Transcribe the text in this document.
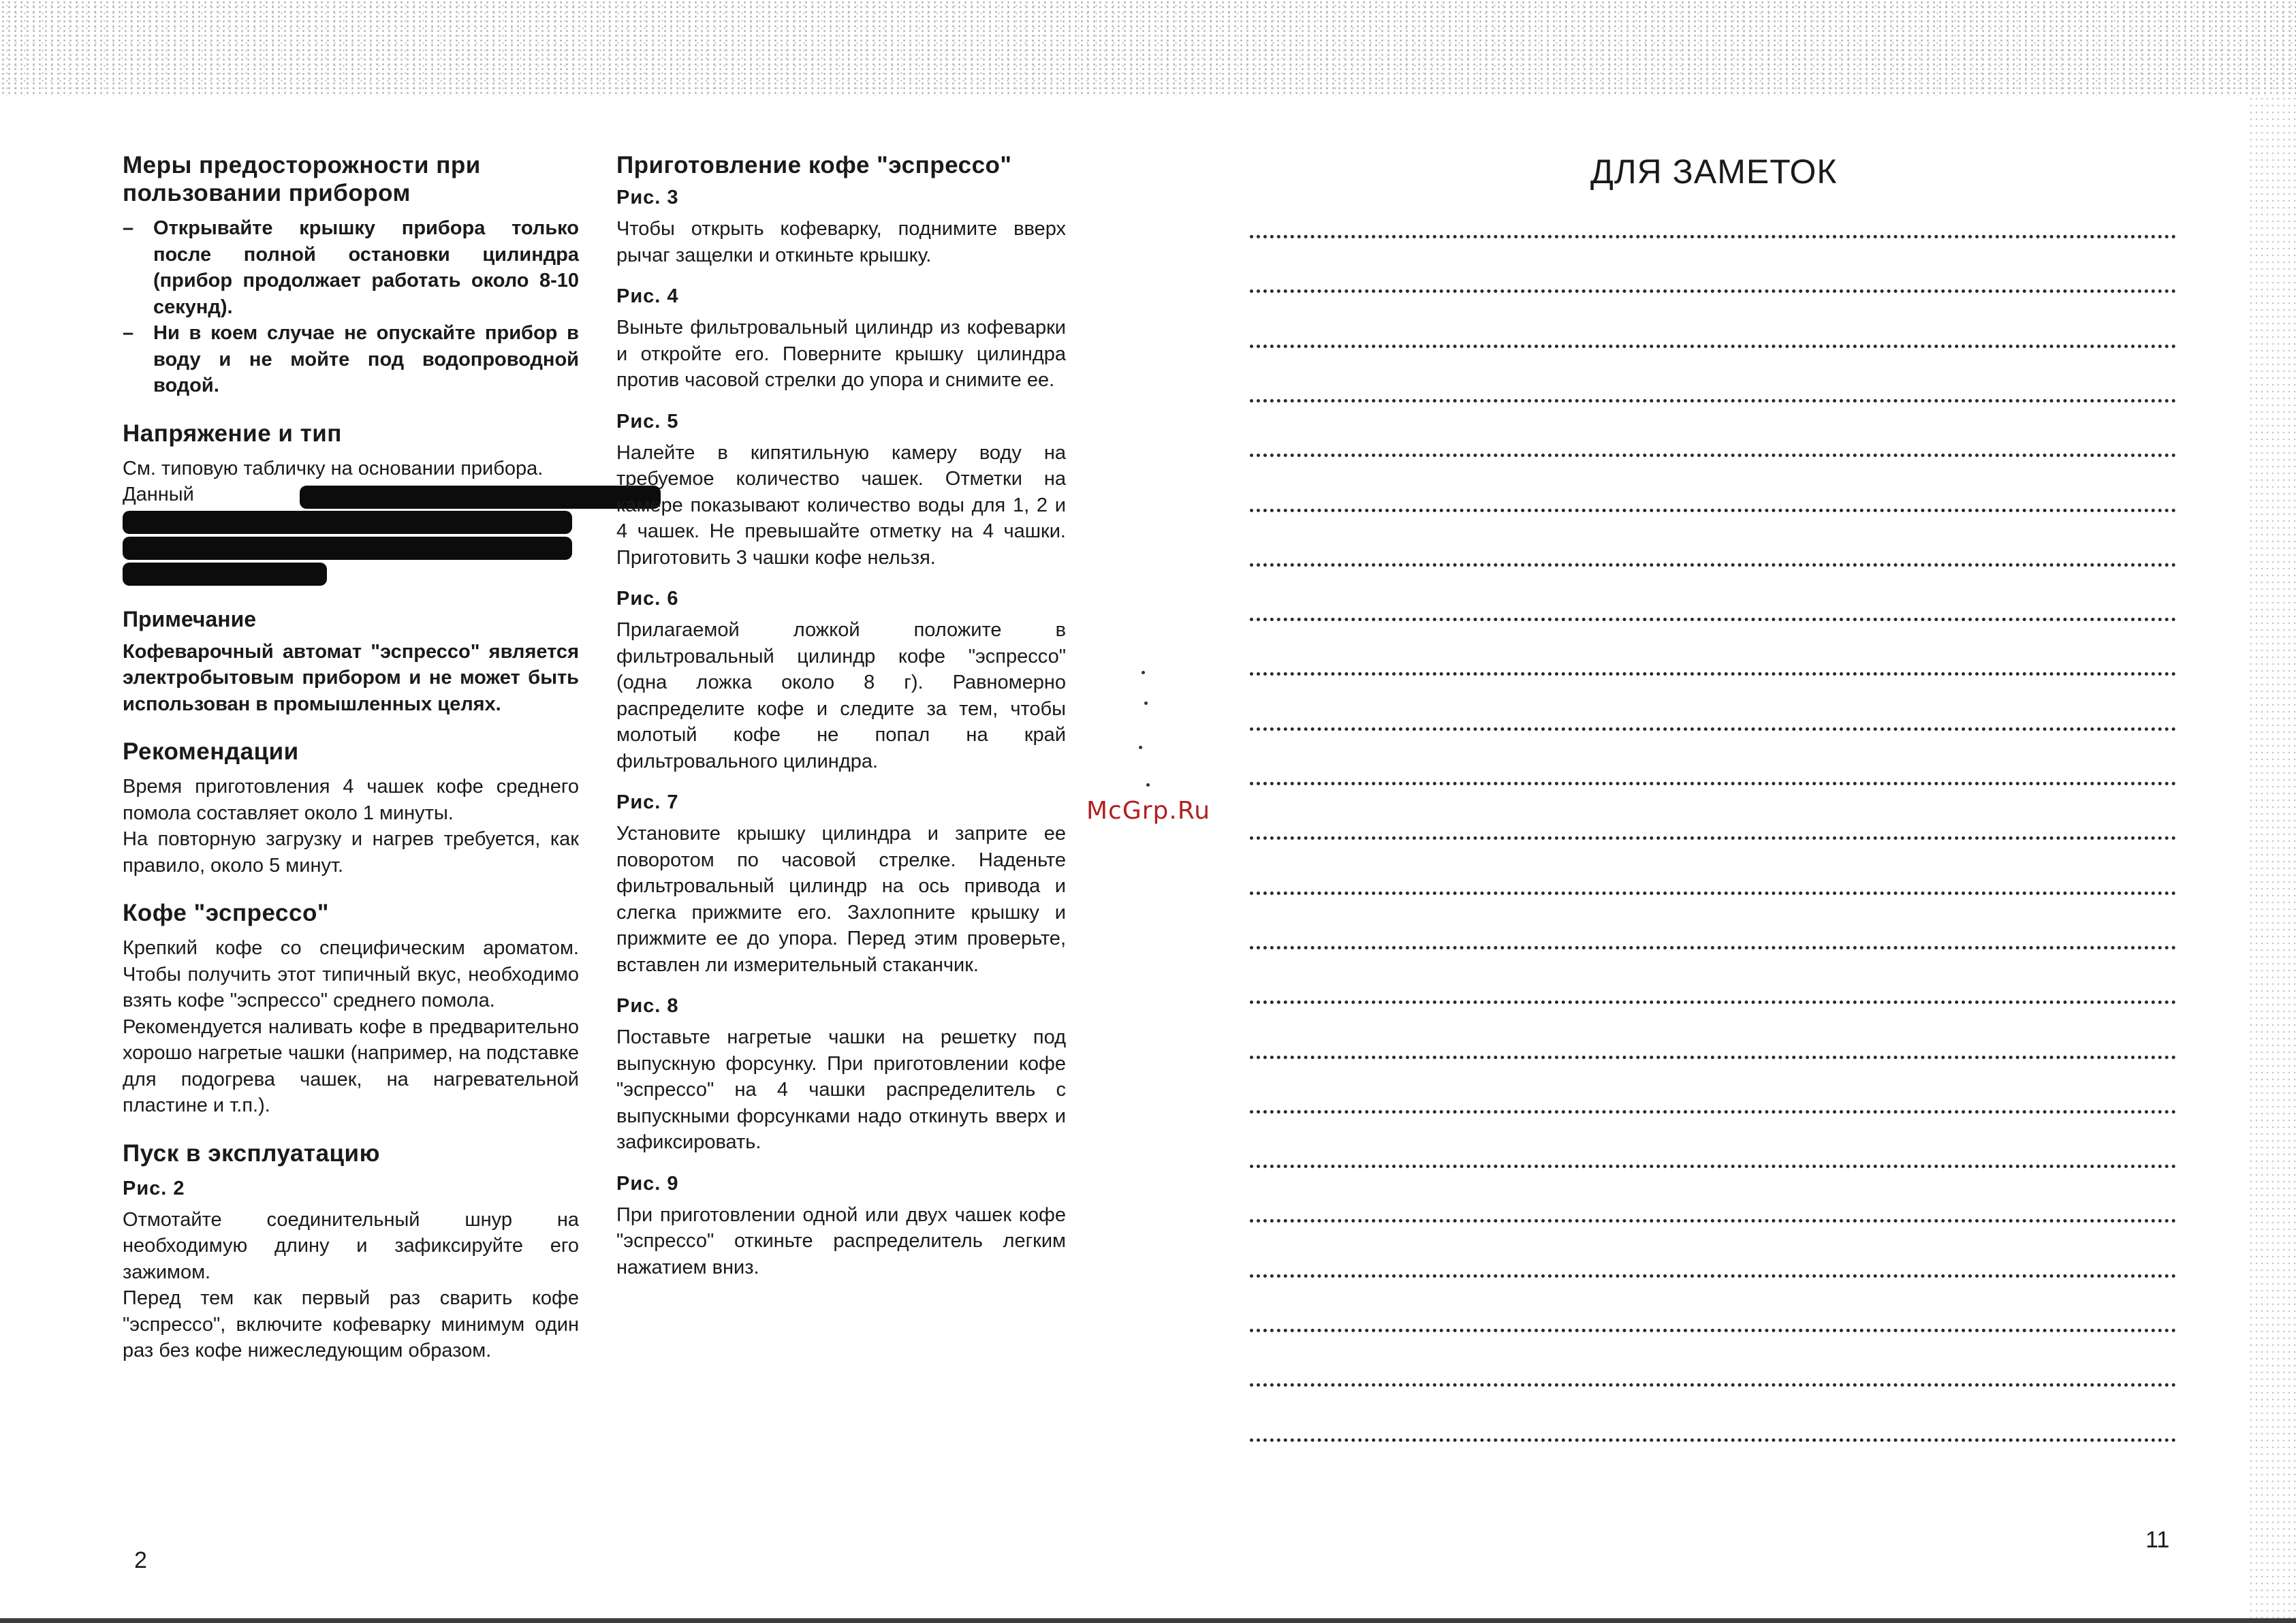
Меры предосторожности при пользовании прибором
– Открывайте крышку прибора только после полной остановки цилиндра (прибор продолжает работать около 8-10 секунд).
– Ни в коем случае не опускайте прибор в воду и не мойте под водопроводной водой.
Напряжение и тип

См. типовую табличку на основании прибора. Данный

Примечание

Кофеварочный автомат "эспрессо" является электробытовым прибором и не может быть использован в промышленных целях.

Рекомендации

Время приготовления 4 чашек кофе среднего помола составляет около 1 минуты.

На повторную загрузку и нагрев требуется, как правило, около 5 минут.

Кофе "эспрессо"

Крепкий кофе со специфическим ароматом. Чтобы получить этот типичный вкус, необходимо взять кофе "эспрессо" среднего помола.

Рекомендуется наливать кофе в предварительно хорошо нагретые чашки (например, на подставке для подогрева чашек, на нагревательной пластине и т.п.).

Пуск в эксплуатацию
Рис. 2

Отмотайте соединительный шнур на необходимую длину и зафиксируйте его зажимом.

Перед тем как первый раз сварить кофе "эспрессо", включите кофеварку минимум один раз без кофе нижеследующим образом.

2
Приготовление кофе "эспрессо"
Рис. 3

Чтобы открыть кофеварку, поднимите вверх рычаг защелки и откиньте крышку.

Рис. 4

Выньте фильтровальный цилиндр из кофеварки и откройте его. Поверните крышку цилиндра против часовой стрелки до упора и снимите ее.

Рис. 5

Налейте в кипятильную камеру воду на требуемое количество чашек. Отметки на камере показывают количество воды для 1, 2 и 4 чашек. Не превышайте отметку на 4 чашки. Приготовить 3 чашки кофе нельзя.

Рис. 6

Прилагаемой ложкой положите в фильтровальный цилиндр кофе "эспрессо" (одна ложка около 8 г). Равномерно распределите кофе и следите за тем, чтобы молотый кофе не попал на край фильтровального цилиндра.

Рис. 7

Установите крышку цилиндра и заприте ее поворотом по часовой стрелке. Наденьте фильтровальный цилиндр на ось привода и слегка прижмите его. Захлопните крышку и прижмите ее до упора. Перед этим проверьте, вставлен ли измерительный стаканчик.

Рис. 8

Поставьте нагретые чашки на решетку под выпускную форсунку. При приготовлении кофе "эспрессо" на 4 чашки распределитель с выпускными форсунками надо откинуть вверх и зафиксировать.

Рис. 9

При приготовлении одной или двух чашек кофе "эспрессо" откиньте распределитель легким нажатием вниз.

McGrp.Ru
ДЛЯ ЗАМЕТОК
11
